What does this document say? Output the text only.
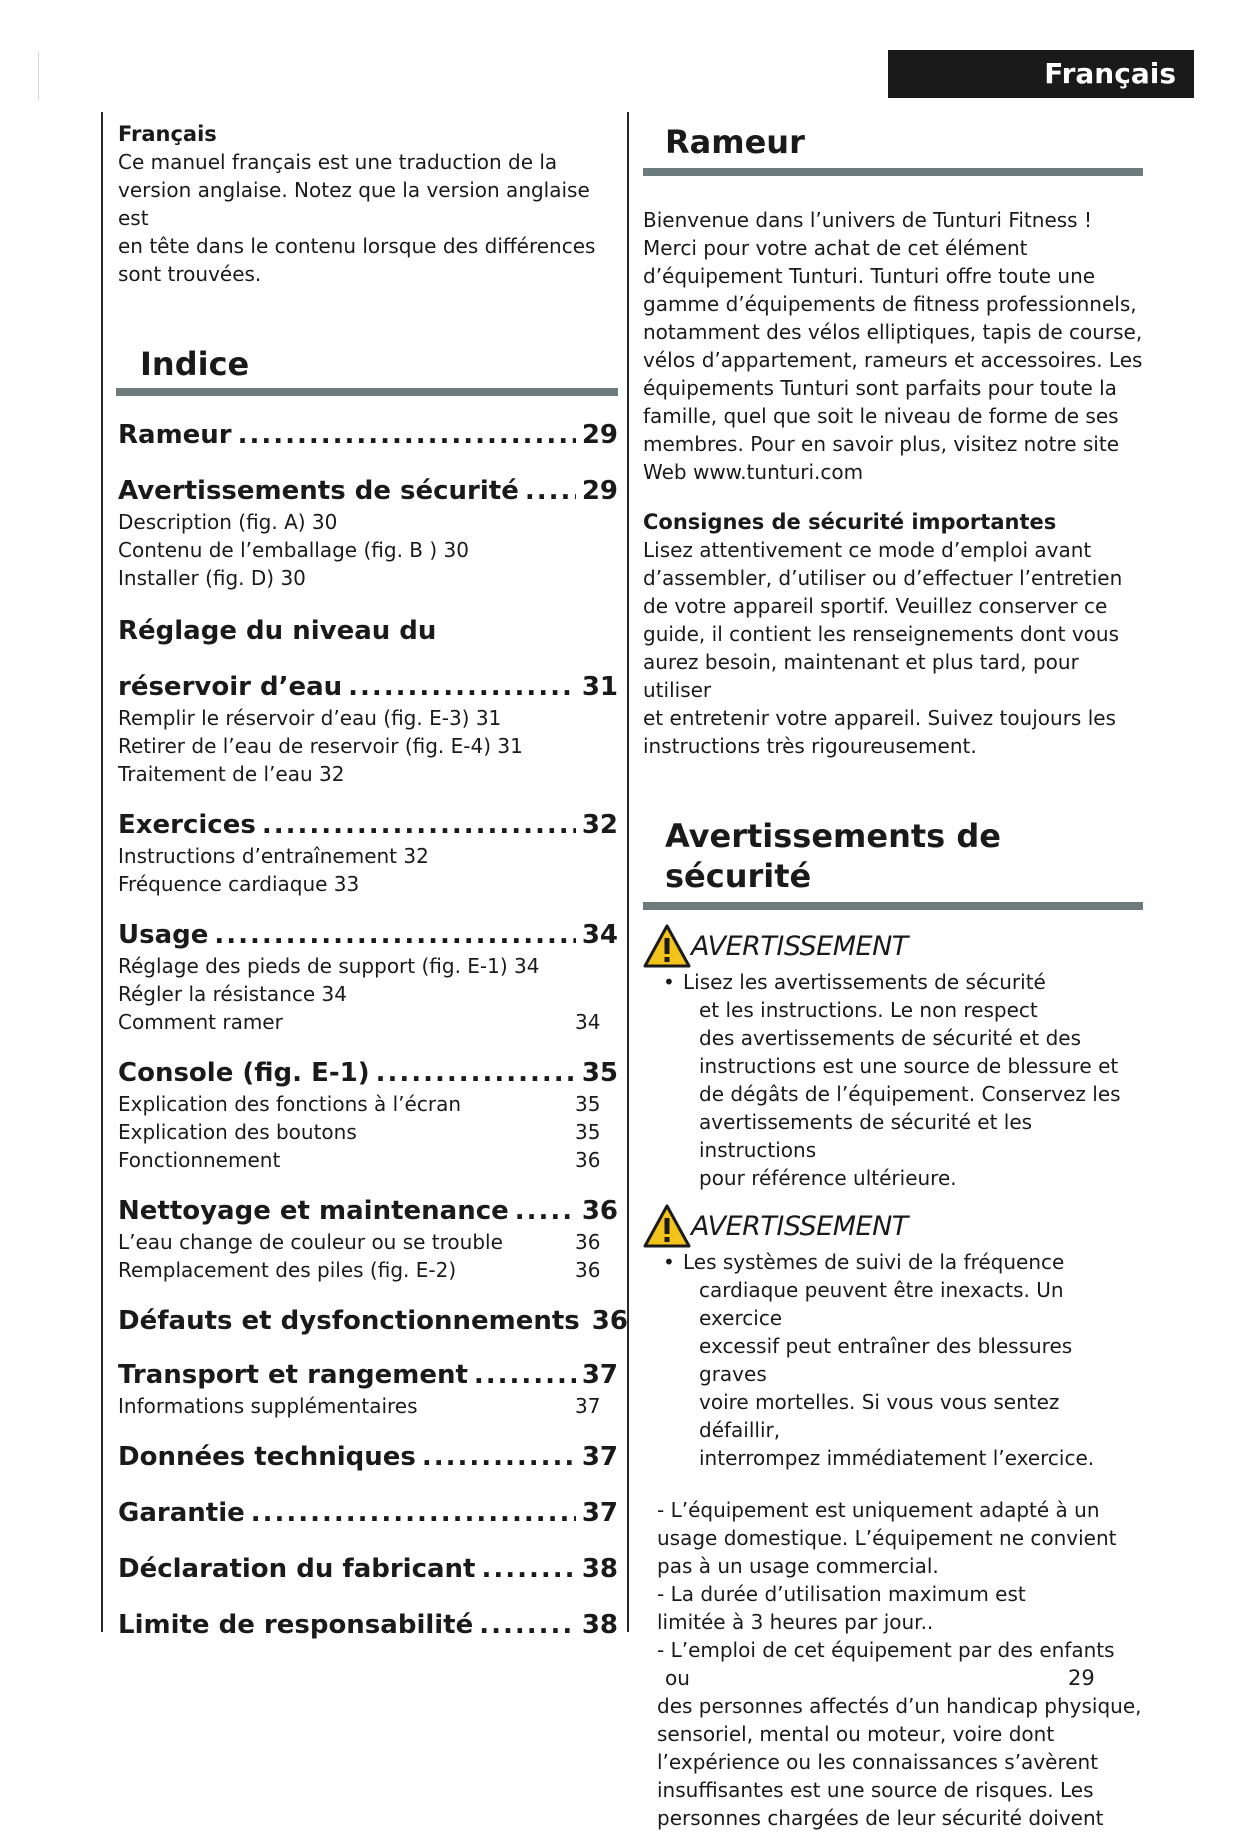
Français
Français
Ce manuel français est une traduction de la
version anglaise. Notez que la version anglaise est
en tête dans le contenu lorsque des différences
sont trouvées.
Indice
Rameur .....	29
Avertissements de sécurité ..... 29
Description (fig. A) 30
Contenu de l’emballage (fig. B ) 30
Installer (fig. D) 30
Réglage du niveau du
réservoir d’eau .....	31
Remplir le réservoir d’eau (fig. E-3) 31
Retirer de l’eau de reservoir (fig. E-4) 31
Traitement de l’eau 32
Exercices .....	32
Instructions d’entraînement 32
Fréquence cardiaque 33
Usage .....	34
Réglage des pieds de support (fig. E-1) 34
Régler la résistance 34
Comment ramer	34
Console (fig. E-1) .....	35
Explication des fonctions à l’écran	35
Explication des boutons	35
Fonctionnement	36
Nettoyage et maintenance .....	36
L’eau change de couleur ou se trouble	36
Remplacement des piles (fig. E-2)	36
Défauts et dysfonctionnements 36
Transport et rangement .....	37
Informations supplémentaires	37
Données techniques .....	37
Garantie .....	37
Déclaration du fabricant .....	38
Limite de responsabilité .....	38
Rameur
Bienvenue dans l’univers de Tunturi Fitness !
Merci pour votre achat de cet élément
d’équipement Tunturi. Tunturi offre toute une
gamme d’équipements de fitness professionnels,
notamment des vélos elliptiques, tapis de course,
vélos d’appartement, rameurs et accessoires. Les
équipements Tunturi sont parfaits pour toute la
famille, quel que soit le niveau de forme de ses
membres. Pour en savoir plus, visitez notre site
Web www.tunturi.com
Consignes de sécurité importantes
Lisez attentivement ce mode d’emploi avant
d’assembler, d’utiliser ou d’effectuer l’entretien
de votre appareil sportif. Veuillez conserver ce
guide, il contient les renseignements dont vous
aurez besoin, maintenant et plus tard, pour utiliser
et entretenir votre appareil. Suivez toujours les
instructions très rigoureusement.
Avertissements de sécurité
AVERTISSEMENT
• Lisez les avertissements de sécurité
et les instructions. Le non respect
des avertissements de sécurité et des
instructions est une source de blessure et
de dégâts de l’équipement. Conservez les
avertissements de sécurité et les instructions
pour référence ultérieure.
AVERTISSEMENT
• Les systèmes de suivi de la fréquence
cardiaque peuvent être inexacts. Un exercice
excessif peut entraîner des blessures graves
voire mortelles. Si vous vous sentez défaillir,
interrompez immédiatement l’exercice.
- L’équipement est uniquement adapté à un
usage domestique. L’équipement ne convient
pas à un usage commercial.
- La durée d’utilisation maximum est
limitée à 3 heures par jour..
- L’emploi de cet équipement par des enfants ou
des personnes affectés d’un handicap physique,
sensoriel, mental ou moteur, voire dont
l’expérience ou les connaissances s’avèrent
insuffisantes est une source de risques. Les
personnes chargées de leur sécurité doivent
29
